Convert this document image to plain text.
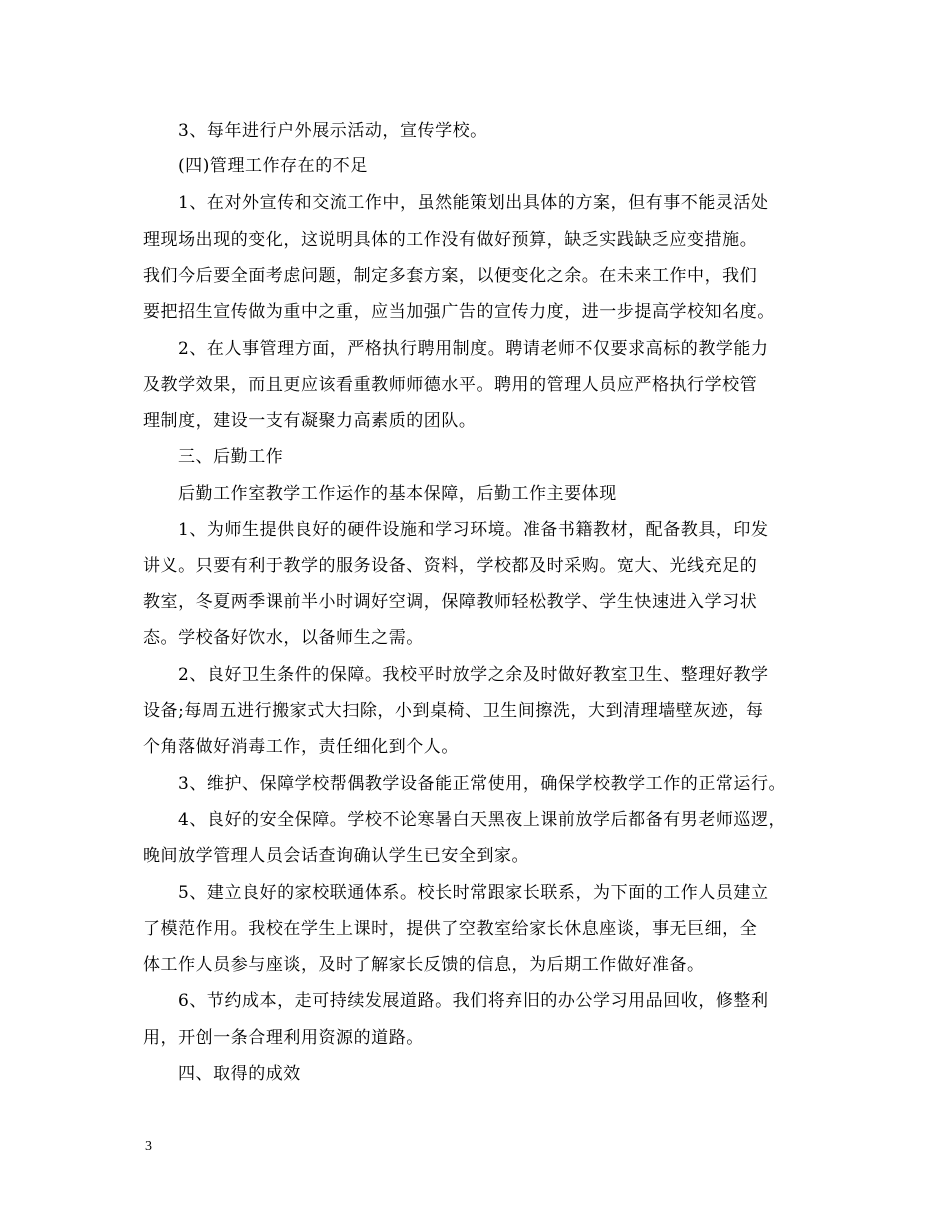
3、每年进行户外展示活动，宣传学校。
(四)管理工作存在的不足
1、在对外宣传和交流工作中，虽然能策划出具体的方案，但有事不能灵活处
理现场出现的变化，这说明具体的工作没有做好预算，缺乏实践缺乏应变措施。
我们今后要全面考虑问题，制定多套方案，以便变化之余。在未来工作中，我们
要把招生宣传做为重中之重，应当加强广告的宣传力度，进一步提高学校知名度。
2、在人事管理方面，严格执行聘用制度。聘请老师不仅要求高标的教学能力
及教学效果，而且更应该看重教师师德水平。聘用的管理人员应严格执行学校管
理制度，建设一支有凝聚力高素质的团队。
三、后勤工作
后勤工作室教学工作运作的基本保障，后勤工作主要体现
1、为师生提供良好的硬件设施和学习环境。准备书籍教材，配备教具，印发
讲义。只要有利于教学的服务设备、资料，学校都及时采购。宽大、光线充足的
教室，冬夏两季课前半小时调好空调，保障教师轻松教学、学生快速进入学习状
态。学校备好饮水，以备师生之需。
2、良好卫生条件的保障。我校平时放学之余及时做好教室卫生、整理好教学
设备;每周五进行搬家式大扫除，小到桌椅、卫生间擦洗，大到清理墙壁灰迹，每
个角落做好消毒工作，责任细化到个人。
3、维护、保障学校帮偶教学设备能正常使用，确保学校教学工作的正常运行。
4、良好的安全保障。学校不论寒暑白天黑夜上课前放学后都备有男老师巡逻，
晚间放学管理人员会话查询确认学生已安全到家。
5、建立良好的家校联通体系。校长时常跟家长联系，为下面的工作人员建立
了模范作用。我校在学生上课时，提供了空教室给家长休息座谈，事无巨细，全
体工作人员参与座谈，及时了解家长反馈的信息，为后期工作做好准备。
6、节约成本，走可持续发展道路。我们将弃旧的办公学习用品回收，修整利
用，开创一条合理利用资源的道路。
四、取得的成效
3
